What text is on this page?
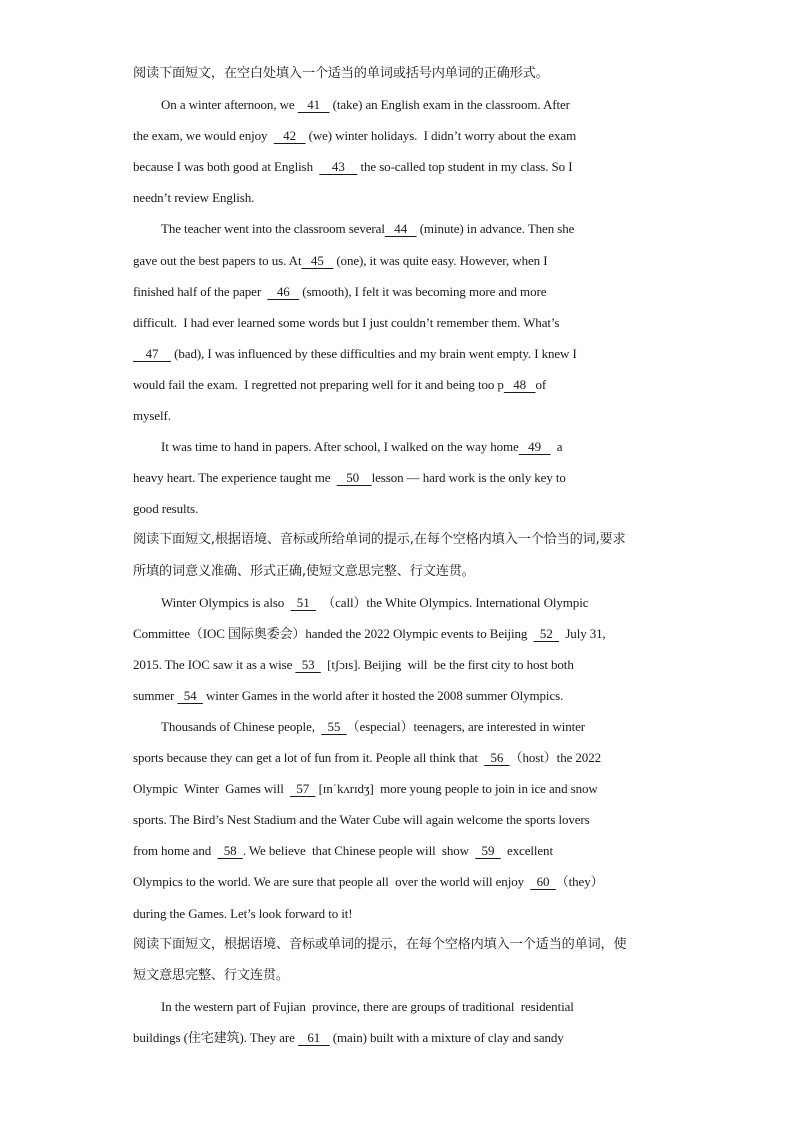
阅读下面短文，在空白处填入一个适当的单词或括号内单词的正确形式。
On a winter afternoon, we    41    (take) an English exam in the classroom. After
the exam, we would enjoy     42    (we) winter holidays.  I didn’t worry about the exam
because I was both good at English      43     the so-called top student in my class. So I
needn’t review English.
The teacher went into the classroom several   44    (minute) in advance. Then she
gave out the best papers to us. At   45    (one), it was quite easy. However, when I
finished half of the paper     46    (smooth), I felt it was becoming more and more
difficult.  I had ever learned some words but I just couldn’t remember them. What’s
47     (bad), I was influenced by these difficulties and my brain went empty. I knew I
would fail the exam.  I regretted not preparing well for it and being too p   48   of
myself.
It was time to hand in papers. After school, I walked on the way home   49     a
heavy heart. The experience taught me     50    lesson — hard work is the only key to
good results.
阅读下面短文,根据语境、音标或所给单词的提示,在每个空格内填入一个恰当的词,要求
所填的词意义准确、形式正确,使短文意思完整、行文连贯。
Winter Olympics is also    51    （call）the White Olympics. International Olympic
Committee（IOC 国际奥委会）handed the 2022 Olympic events to Beijing    52    July 31,
2015. The IOC saw it as a wise   53    [tʃɔɪs]. Beijing  will  be the first city to host both
summer   54   winter Games in the world after it hosted the 2008 summer Olympics.
Thousands of Chinese people,    55  （especial）teenagers, are interested in winter
sports because they can get a lot of fun from it. People all think that    56  （host）the 2022
Olympic  Winter  Games will    57   [ɪnˈkʌrɪdʒ]  more young people to join in ice and snow
sports. The Bird’s Nest Stadium and the Water Cube will again welcome the sports lovers
from home and    58  . We believe  that Chinese people will  show    59    excellent
Olympics to the world. We are sure that people all  over the world will enjoy    60  （they）
during the Games. Let’s look forward to it!
阅读下面短文，根据语境、音标或单词的提示，在每个空格内填入一个适当的单词，使
短文意思完整、行文连贯。
In the western part of Fujian  province, there are groups of traditional  residential
buildings (住宅建筑). They are    61    (main) built with a mixture of clay and sandy
